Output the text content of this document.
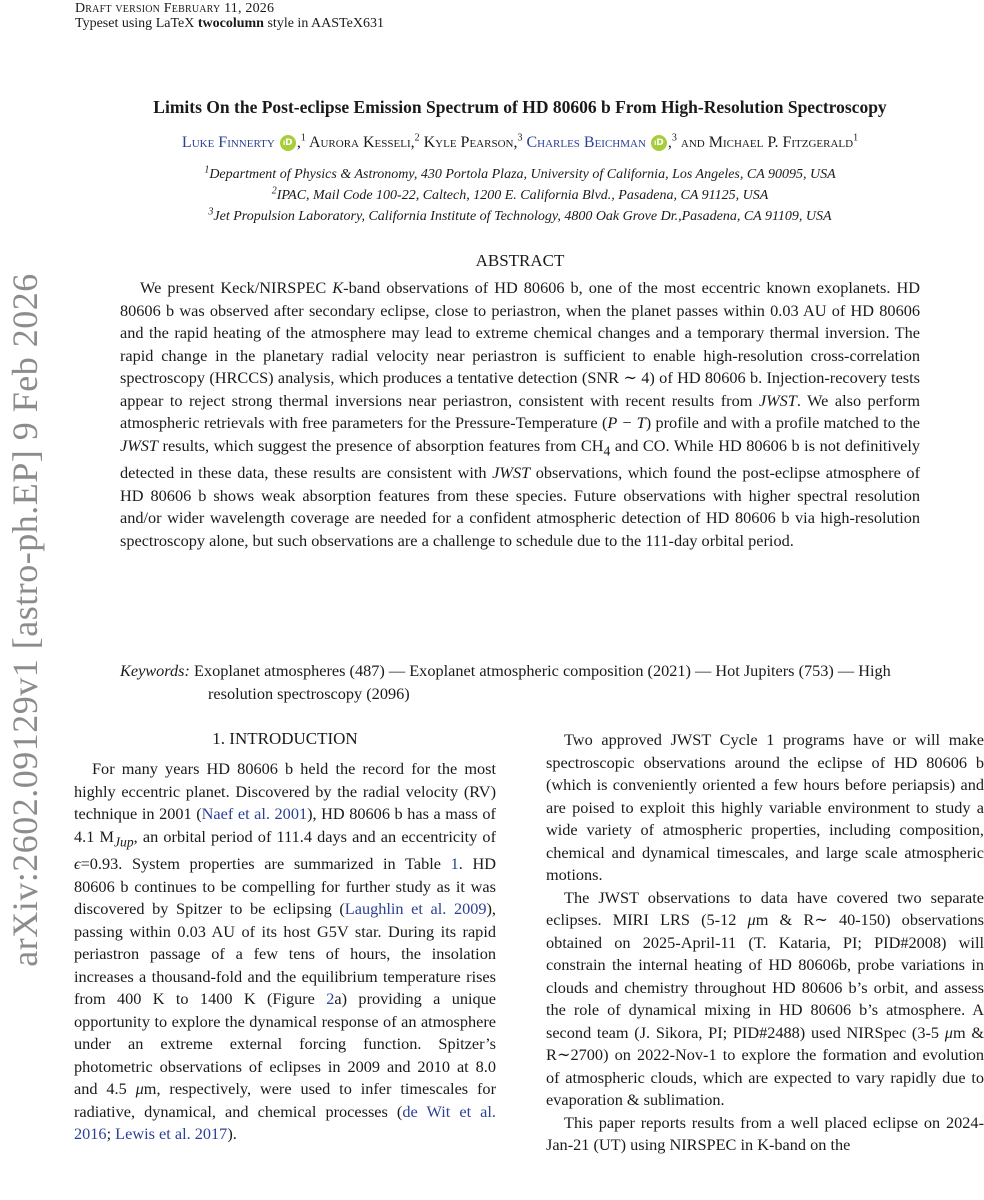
Draft version February 11, 2026
Typeset using LaTeX twocolumn style in AASTeX631
arXiv:2602.09129v1 [astro-ph.EP] 9 Feb 2026
Limits On the Post-eclipse Emission Spectrum of HD 80606 b From High-Resolution Spectroscopy
Luke Finnerty iD ,$^1$ Aurora Kesseli,$^2$ Kyle Pearson,$^3$ Charles Beichman iD ,$^3$ and Michael P. Fitzgerald$^1$
$^1$Department of Physics & Astronomy, 430 Portola Plaza, University of California, Los Angeles, CA 90095, USA
$^2$IPAC, Mail Code 100-22, Caltech, 1200 E. California Blvd., Pasadena, CA 91125, USA
$^3$Jet Propulsion Laboratory, California Institute of Technology, 4800 Oak Grove Dr.,Pasadena, CA 91109, USA
ABSTRACT

We present Keck/NIRSPEC K-band observations of HD 80606 b, one of the most eccentric known exoplanets. HD 80606 b was observed after secondary eclipse, close to periastron, when the planet passes within 0.03 AU of HD 80606 and the rapid heating of the atmosphere may lead to extreme chemical changes and a temporary thermal inversion. The rapid change in the planetary radial velocity near periastron is sufficient to enable high-resolution cross-correlation spectroscopy (HRCCS) analysis, which produces a tentative detection (SNR ∼ 4) of HD 80606 b. Injection-recovery tests appear to reject strong thermal inversions near periastron, consistent with recent results from JWST. We also perform atmospheric retrievals with free parameters for the Pressure-Temperature (P − T) profile and with a profile matched to the JWST results, which suggest the presence of absorption features from $CH_4$ and CO. While HD 80606 b is not definitively detected in these data, these results are consistent with JWST observations, which found the post-eclipse atmosphere of HD 80606 b shows weak absorption features from these species. Future observations with higher spectral resolution and/or wider wavelength coverage are needed for a confident atmospheric detection of HD 80606 b via high-resolution spectroscopy alone, but such observations are a challenge to schedule due to the 111-day orbital period.

Keywords: Exoplanet atmospheres (487) — Exoplanet atmospheric composition (2021) — Hot Jupiters (753) — High resolution spectroscopy (2096)

1. INTRODUCTION

For many years HD 80606 b held the record for the most highly eccentric planet. Discovered by the radial velocity (RV) technique in 2001 (Naef et al. 2001), HD 80606 b has a mass of 4.1 $M_{Jup}$, an orbital period of 111.4 days and an eccentricity of ϵ=0.93. System properties are summarized in Table 1. HD 80606 b continues to be compelling for further study as it was discovered by Spitzer to be eclipsing (Laughlin et al. 2009), passing within 0.03 AU of its host G5V star. During its rapid periastron passage of a few tens of hours, the insolation increases a thousand-fold and the equilibrium temperature rises from 400 K to 1400 K (Figure 2a) providing a unique opportunity to explore the dynamical response of an atmosphere under an extreme external forcing function. Spitzer’s photometric observations of eclipses in 2009 and 2010 at 8.0 and 4.5 μm, respectively, were used to infer timescales for radiative, dynamical, and chemical processes (de Wit et al. 2016; Lewis et al. 2017).

Two approved JWST Cycle 1 programs have or will make spectroscopic observations around the eclipse of HD 80606 b (which is conveniently oriented a few hours before periapsis) and are poised to exploit this highly variable environment to study a wide variety of atmospheric properties, including composition, chemical and dynamical timescales, and large scale atmospheric motions.

The JWST observations to data have covered two separate eclipses. MIRI LRS (5-12 μm & R∼ 40-150) observations obtained on 2025-April-11 (T. Kataria, PI; PID#2008) will constrain the internal heating of HD 80606b, probe variations in clouds and chemistry throughout HD 80606 b’s orbit, and assess the role of dynamical mixing in HD 80606 b’s atmosphere. A second team (J. Sikora, PI; PID#2488) used NIRSpec (3-5 μm & R∼2700) on 2022-Nov-1 to explore the formation and evolution of atmospheric clouds, which are expected to vary rapidly due to evaporation & sublimation.

This paper reports results from a well placed eclipse on 2024-Jan-21 (UT) using NIRSPEC in K-band on the
